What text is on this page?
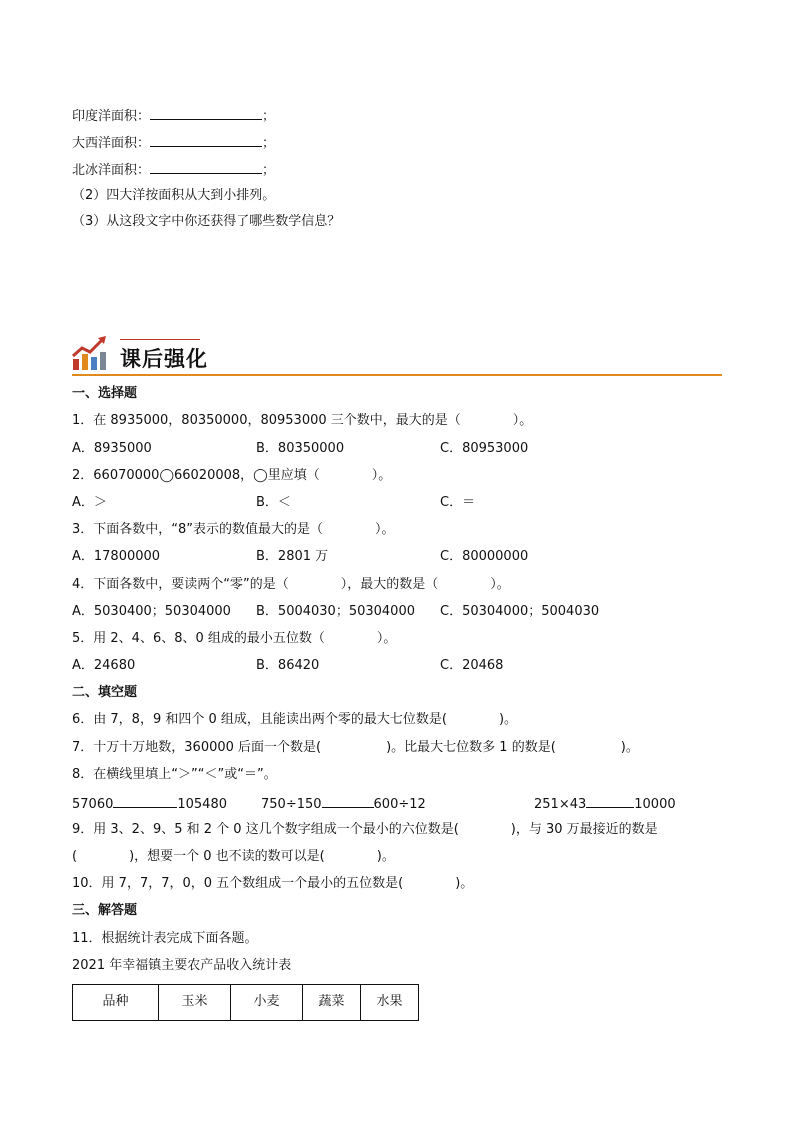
印度洋面积：	；
大西洋面积：	；
北冰洋面积：	；
（2）四大洋按面积从大到小排列。
（3）从这段文字中你还获得了哪些数学信息？
课后强化
一、选择题
1．在 8935000，80350000，80953000 三个数中，最大的是（　　　　）。
A．8935000	B．80350000	C．80953000
2．66070000◯66020008，◯里应填（　　　　）。
A．＞	B．＜	C．＝
3．下面各数中，“8”表示的数值最大的是（　　　　）。
A．17800000	B．2801 万	C．80000000
4．下面各数中，要读两个“零”的是（　　　　），最大的数是（　　　　）。
A．5030400；50304000 B．5004030；50304000 C．50304000；5004030
5．用 2、4、6、8、0 组成的最小五位数（　　　　）。
A．24680	B．86420	C．20468
二、填空题
6．由 7，8，9 和四个 0 组成，且能读出两个零的最大七位数是(　　　　)。
7．十万十万地数，360000 后面一个数是(　　　　　)。比最大七位数多 1 的数是(　　　　　)。
8．在横线里填上“＞”“＜”或“＝”。
57060	105480	750÷150	600÷12	251×43	10000
9．用 3、2、9、5 和 2 个 0 这几个数字组成一个最小的六位数是(　　　　)，与 30 万最接近的数是
(　　　　)，想要一个 0 也不读的数可以是(　　　　)。
10．用 7，7，7，0，0 五个数组成一个最小的五位数是(　　　　)。
三、解答题
11．根据统计表完成下面各题。
2021 年幸福镇主要农产品收入统计表
品种	玉米	小麦	蔬菜	水果
